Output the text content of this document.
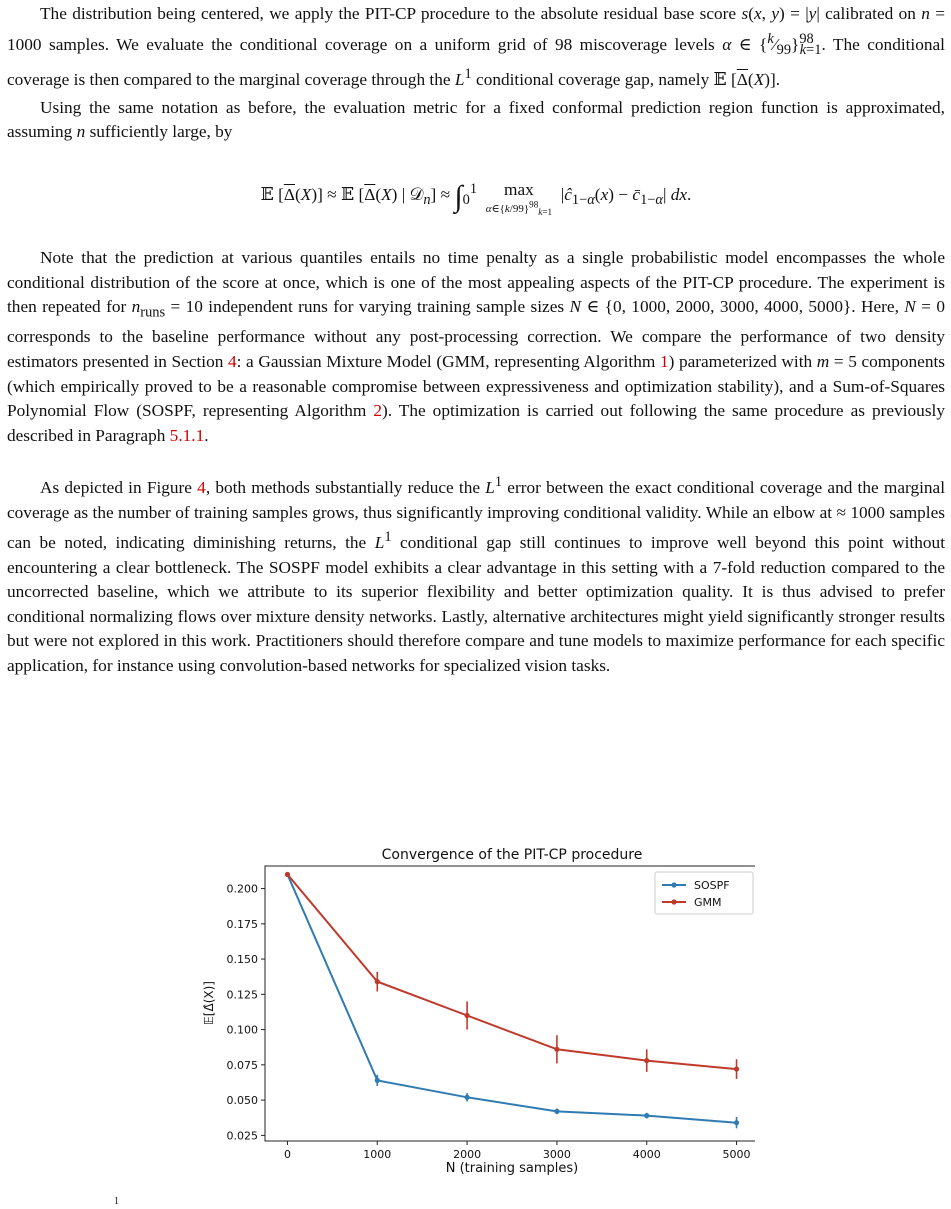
The distribution being centered, we apply the PIT-CP procedure to the absolute residual base score s(x, y) = |y| calibrated on n = 1000 samples. We evaluate the conditional coverage on a uniform grid of 98 miscoverage levels α ∈ $\{^k⁄_{99}\}^{98}_{k=1}$. The conditional coverage is then compared to the marginal coverage through the $L^1$ conditional coverage gap, namely 𝔼 $[\overline{\Delta}(X)]$.

Using the same notation as before, the evaluation metric for a fixed conformal prediction region function is approximated, assuming n sufficiently large, by

𝔼 $[\overline{\Delta}(X)]$ ≈ 𝔼 [$\overline{\Delta}(X)$ | 𝒟$_n$] ≈ $\int_0^1$ max
$\alpha\in\{k/99\}^{98}_{k=1}$  $|ĉ_{1-\alpha}(x)$ − $c̄_{1-\alpha}|$ dx.

Note that the prediction at various quantiles entails no time penalty as a single probabilistic model encompasses the whole conditional distribution of the score at once, which is one of the most appealing aspects of the PIT-CP procedure. The experiment is then repeated for $n_{runs} = 10$ independent runs for varying training sample sizes N ∈ {0, 1000, 2000, 3000, 4000, 5000}. Here, N = 0 corresponds to the baseline performance without any post-processing correction. We compare the performance of two density estimators presented in Section 4: a Gaussian Mixture Model (GMM, representing Algorithm 1) parameterized with m = 5 components (which empirically proved to be a reasonable compromise between expressiveness and optimization stability), and a Sum-of-Squares Polynomial Flow (SOSPF, representing Algorithm 2). The optimization is carried out following the same procedure as previously described in Paragraph 5.1.1.

As depicted in Figure 4, both methods substantially reduce the $L^1$ error between the exact conditional coverage and the marginal coverage as the number of training samples grows, thus significantly improving conditional validity. While an elbow at ≈ 1000 samples can be noted, indicating diminishing returns, the $L^1$ conditional gap still continues to improve well beyond this point without encountering a clear bottleneck. The SOSPF model exhibits a clear advantage in this setting with a 7-fold reduction compared to the uncorrected baseline, which we attribute to its superior flexibility and better optimization quality. It is thus advised to prefer conditional normalizing flows over mixture density networks. Lastly, alternative architectures might yield significantly stronger results but were not explored in this work. Practitioners should therefore compare and tune models to maximize performance for each specific application, for instance using convolution-based networks for specialized vision tasks.

Convergence of the PIT-CP procedure
0	1000	2000	3000	4000	5000
0.025
0.050
0.075
0.100
0.125
0.150
0.175
0.200	SOSPF
GMM
N (training samples)
𝔼[Δ̂(X)]
1
